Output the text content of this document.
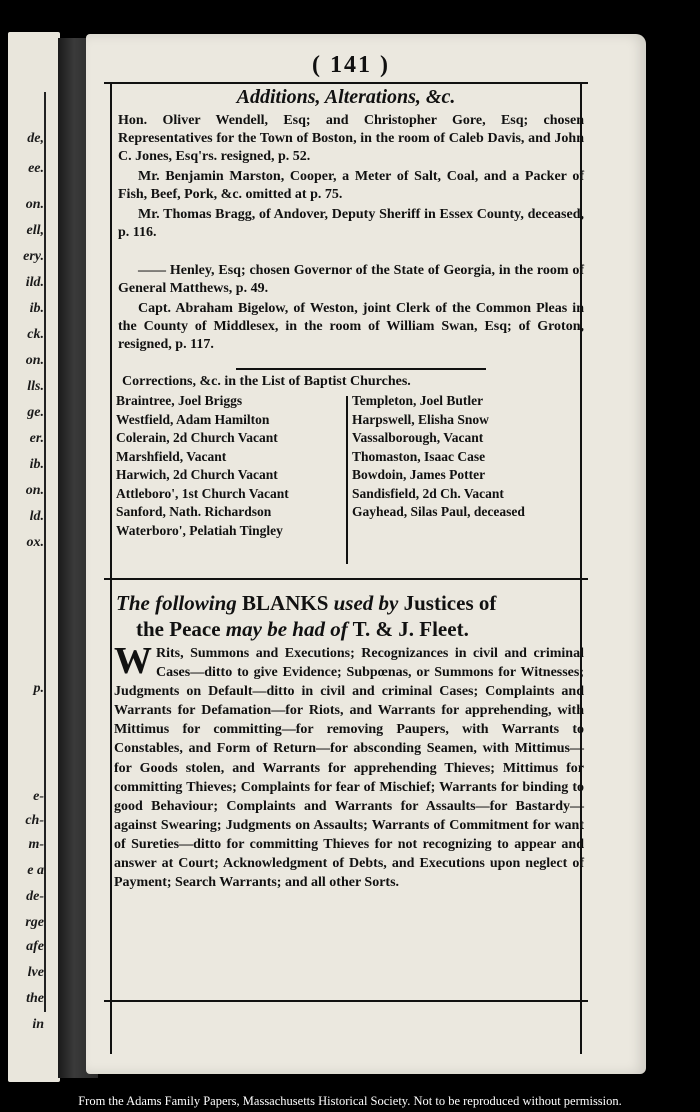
de,
ee.
on.
ell,
ery.
ild.
ib.
ck.
on.
lls.
ge.
er.
ib.
on.
ld.
ox.
p.
e-
ch-
m-
e a
de-
rge
afe
lve
the
in
( 141 )
Additions, Alterations, &c.
Hon. Oliver Wendell, Esq; and Christopher Gore, Esq; chosen Representatives for the Town of Boston, in the room of Caleb Davis, and John C. Jones, Esq'rs. resigned, p. 52.
Mr. Benjamin Marston, Cooper, a Meter of Salt, Coal, and a Packer of Fish, Beef, Pork, &c. omitted at p. 75.
Mr. Thomas Bragg, of Andover, Deputy Sheriff in Essex County, deceased, p. 116.
—— Henley, Esq; chosen Governor of the State of Georgia, in the room of General Matthews, p. 49.
Capt. Abraham Bigelow, of Weston, joint Clerk of the Common Pleas in the County of Middlesex, in the room of William Swan, Esq; of Groton, resigned, p. 117.
Corrections, &c. in the List of Baptist Churches.
Braintree, Joel Briggs
Westfield, Adam Hamilton
Colerain, 2d Church Vacant
Marshfield, Vacant
Harwich, 2d Church Vacant
Attleboro', 1st Church Vacant
Sanford, Nath. Richardson
Waterboro', Pelatiah Tingley
Templeton, Joel Butler
Harpswell, Elisha Snow
Vassalborough, Vacant
Thomaston, Isaac Case
Bowdoin, James Potter
Sandisfield, 2d Ch. Vacant
Gayhead, Silas Paul, deceased
The following BLANKS used by Justices of
the Peace may be had of T. & J. Fleet.
W Rits, Summons and Executions; Recognizances in civil and criminal Cases—ditto to give Evidence; Subpœnas, or Summons for Witnesses; Judgments on Default—ditto in civil and criminal Cases; Complaints and Warrants for Defamation—for Riots, and Warrants for apprehending, with Mittimus for committing—for removing Paupers, with Warrants to Constables, and Form of Return—for absconding Seamen, with Mittimus—for Goods stolen, and Warrants for apprehending Thieves; Mittimus for committing Thieves; Complaints for fear of Mischief; Warrants for binding to good Behaviour; Complaints and Warrants for Assaults—for Bastardy—against Swearing; Judgments on Assaults; Warrants of Commitment for want of Sureties—ditto for committing Thieves for not recognizing to appear and answer at Court; Acknowledgment of Debts, and Executions upon neglect of Payment; Search Warrants; and all other Sorts.
From the Adams Family Papers, Massachusetts Historical Society. Not to be reproduced without permission.
